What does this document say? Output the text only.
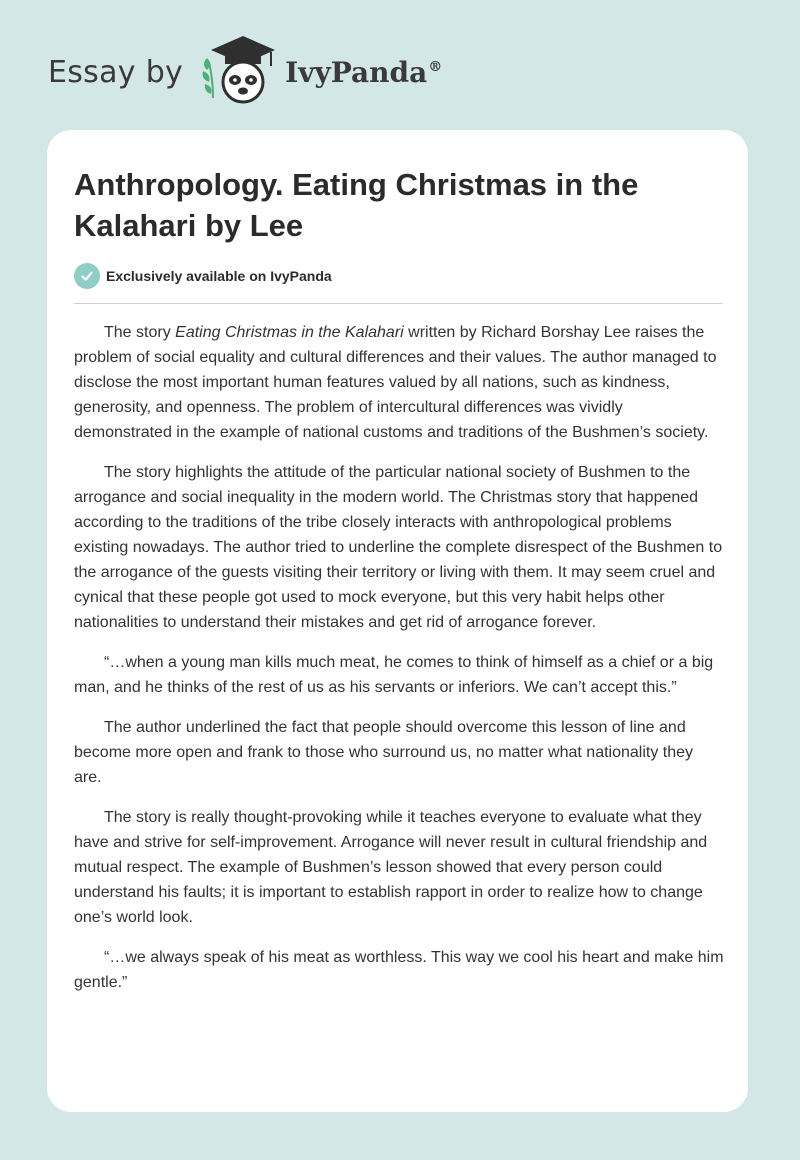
Essay by	IvyPanda®
Anthropology. Eating Christmas in the Kalahari by Lee
Exclusively available on IvyPanda

The story Eating Christmas in the Kalahari written by Richard Borshay Lee raises the problem of social equality and cultural differences and their values. The author managed to disclose the most important human features valued by all nations, such as kindness, generosity, and openness. The problem of intercultural differences was vividly demonstrated in the example of national customs and traditions of the Bushmen’s society.

The story highlights the attitude of the particular national society of Bushmen to the arrogance and social inequality in the modern world. The Christmas story that happened according to the traditions of the tribe closely interacts with anthropological problems existing nowadays. The author tried to underline the complete disrespect of the Bushmen to the arrogance of the guests visiting their territory or living with them. It may seem cruel and cynical that these people got used to mock everyone, but this very habit helps other nationalities to understand their mistakes and get rid of arrogance forever.

“…when a young man kills much meat, he comes to think of himself as a chief or a big man, and he thinks of the rest of us as his servants or inferiors. We can’t accept this.”

The author underlined the fact that people should overcome this lesson of line and become more open and frank to those who surround us, no matter what nationality they are.

The story is really thought-provoking while it teaches everyone to evaluate what they have and strive for self-improvement. Arrogance will never result in cultural friendship and mutual respect. The example of Bushmen’s lesson showed that every person could understand his faults; it is important to establish rapport in order to realize how to change one’s world look.

“…we always speak of his meat as worthless. This way we cool his heart and make him gentle.”
